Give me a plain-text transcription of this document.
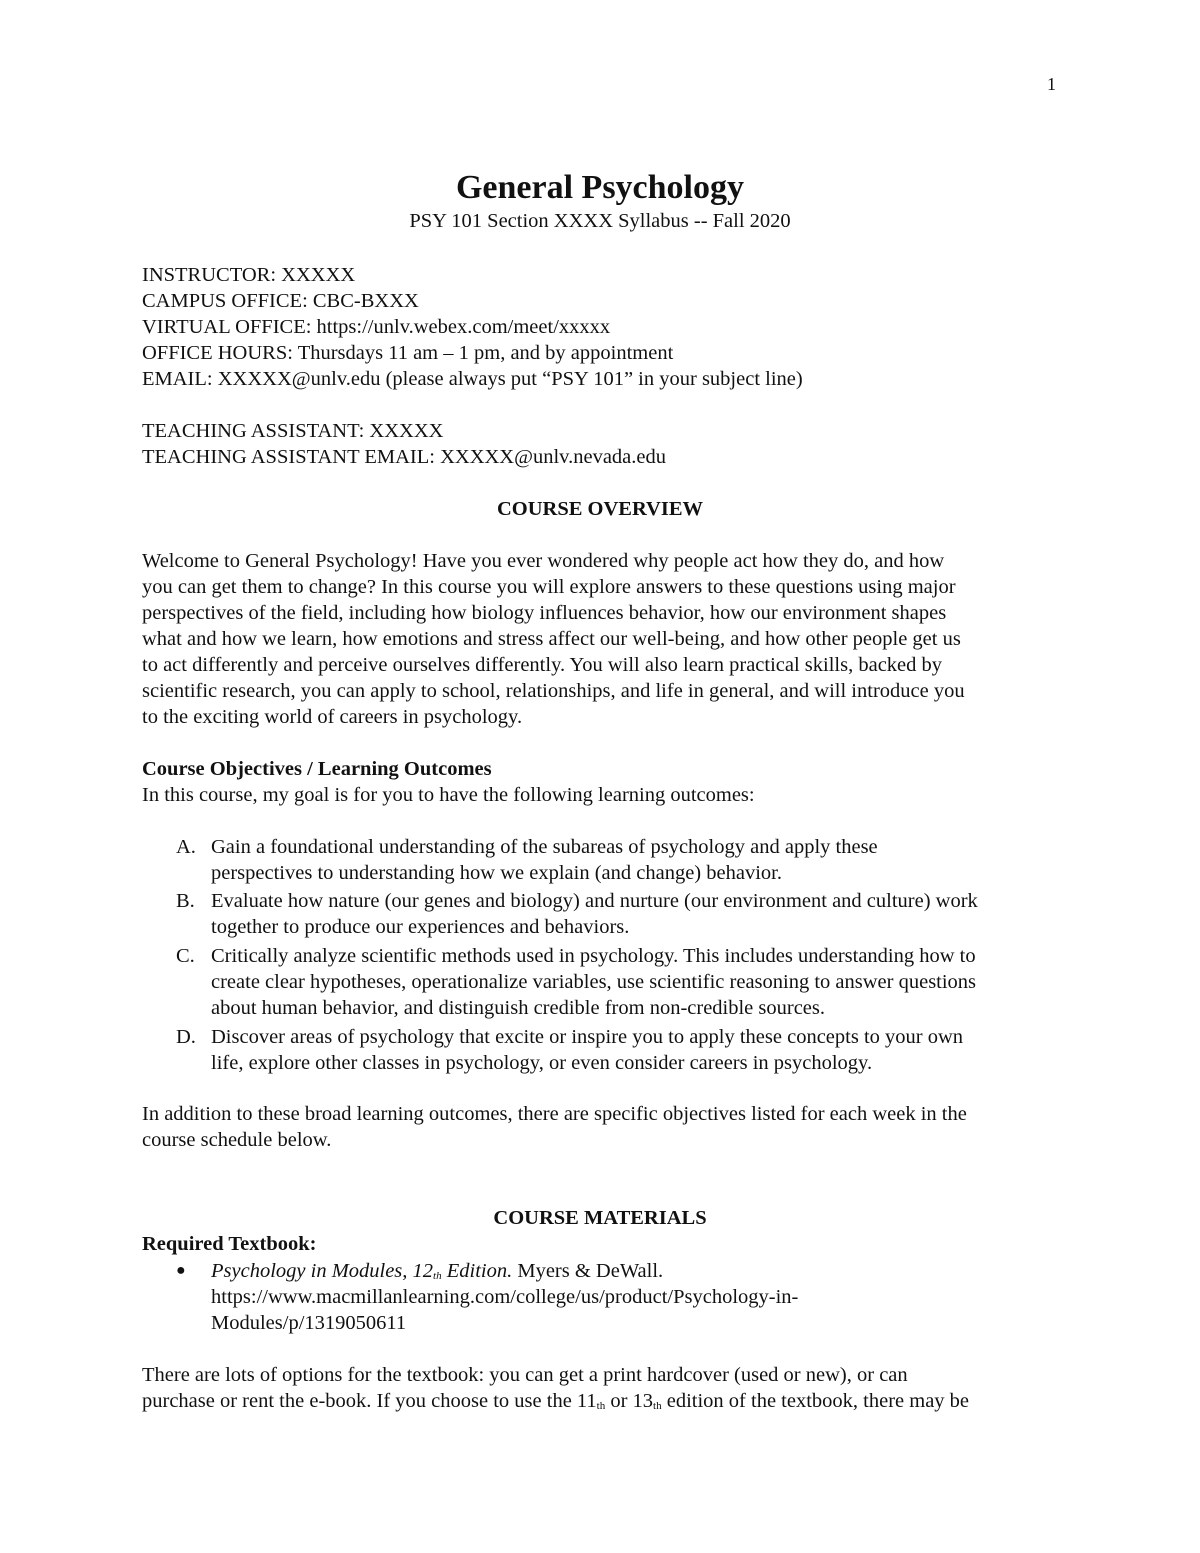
1
General Psychology
PSY 101 Section XXXX Syllabus -- Fall 2020
INSTRUCTOR: XXXXX
CAMPUS OFFICE: CBC-BXXX
VIRTUAL OFFICE: https://unlv.webex.com/meet/xxxxx
OFFICE HOURS: Thursdays 11 am – 1 pm, and by appointment
EMAIL: XXXXX@unlv.edu (please always put “PSY 101” in your subject line)
TEACHING ASSISTANT: XXXXX
TEACHING ASSISTANT EMAIL: XXXXX@unlv.nevada.edu
COURSE OVERVIEW
Welcome to General Psychology! Have you ever wondered why people act how they do, and how
you can get them to change? In this course you will explore answers to these questions using major
perspectives of the field, including how biology influences behavior, how our environment shapes
what and how we learn, how emotions and stress affect our well-being, and how other people get us
to act differently and perceive ourselves differently. You will also learn practical skills, backed by
scientific research, you can apply to school, relationships, and life in general, and will introduce you
to the exciting world of careers in psychology.
Course Objectives / Learning Outcomes
In this course, my goal is for you to have the following learning outcomes:
A. Gain a foundational understanding of the subareas of psychology and apply these
perspectives to understanding how we explain (and change) behavior.
B. Evaluate how nature (our genes and biology) and nurture (our environment and culture) work
together to produce our experiences and behaviors.
C. Critically analyze scientific methods used in psychology. This includes understanding how to
create clear hypotheses, operationalize variables, use scientific reasoning to answer questions
about human behavior, and distinguish credible from non-credible sources.
D. Discover areas of psychology that excite or inspire you to apply these concepts to your own
life, explore other classes in psychology, or even consider careers in psychology.
In addition to these broad learning outcomes, there are specific objectives listed for each week in the
course schedule below.
COURSE MATERIALS
Required Textbook:
● Psychology in Modules, $12_{th}$ Edition. Myers & DeWall.
https://www.macmillanlearning.com/college/us/product/Psychology-in-
Modules/p/1319050611
There are lots of options for the textbook: you can get a print hardcover (used or new), or can
purchase or rent the e-book. If you choose to use the $11_{th}$ or $13_{th}$ edition of the textbook, there may be
